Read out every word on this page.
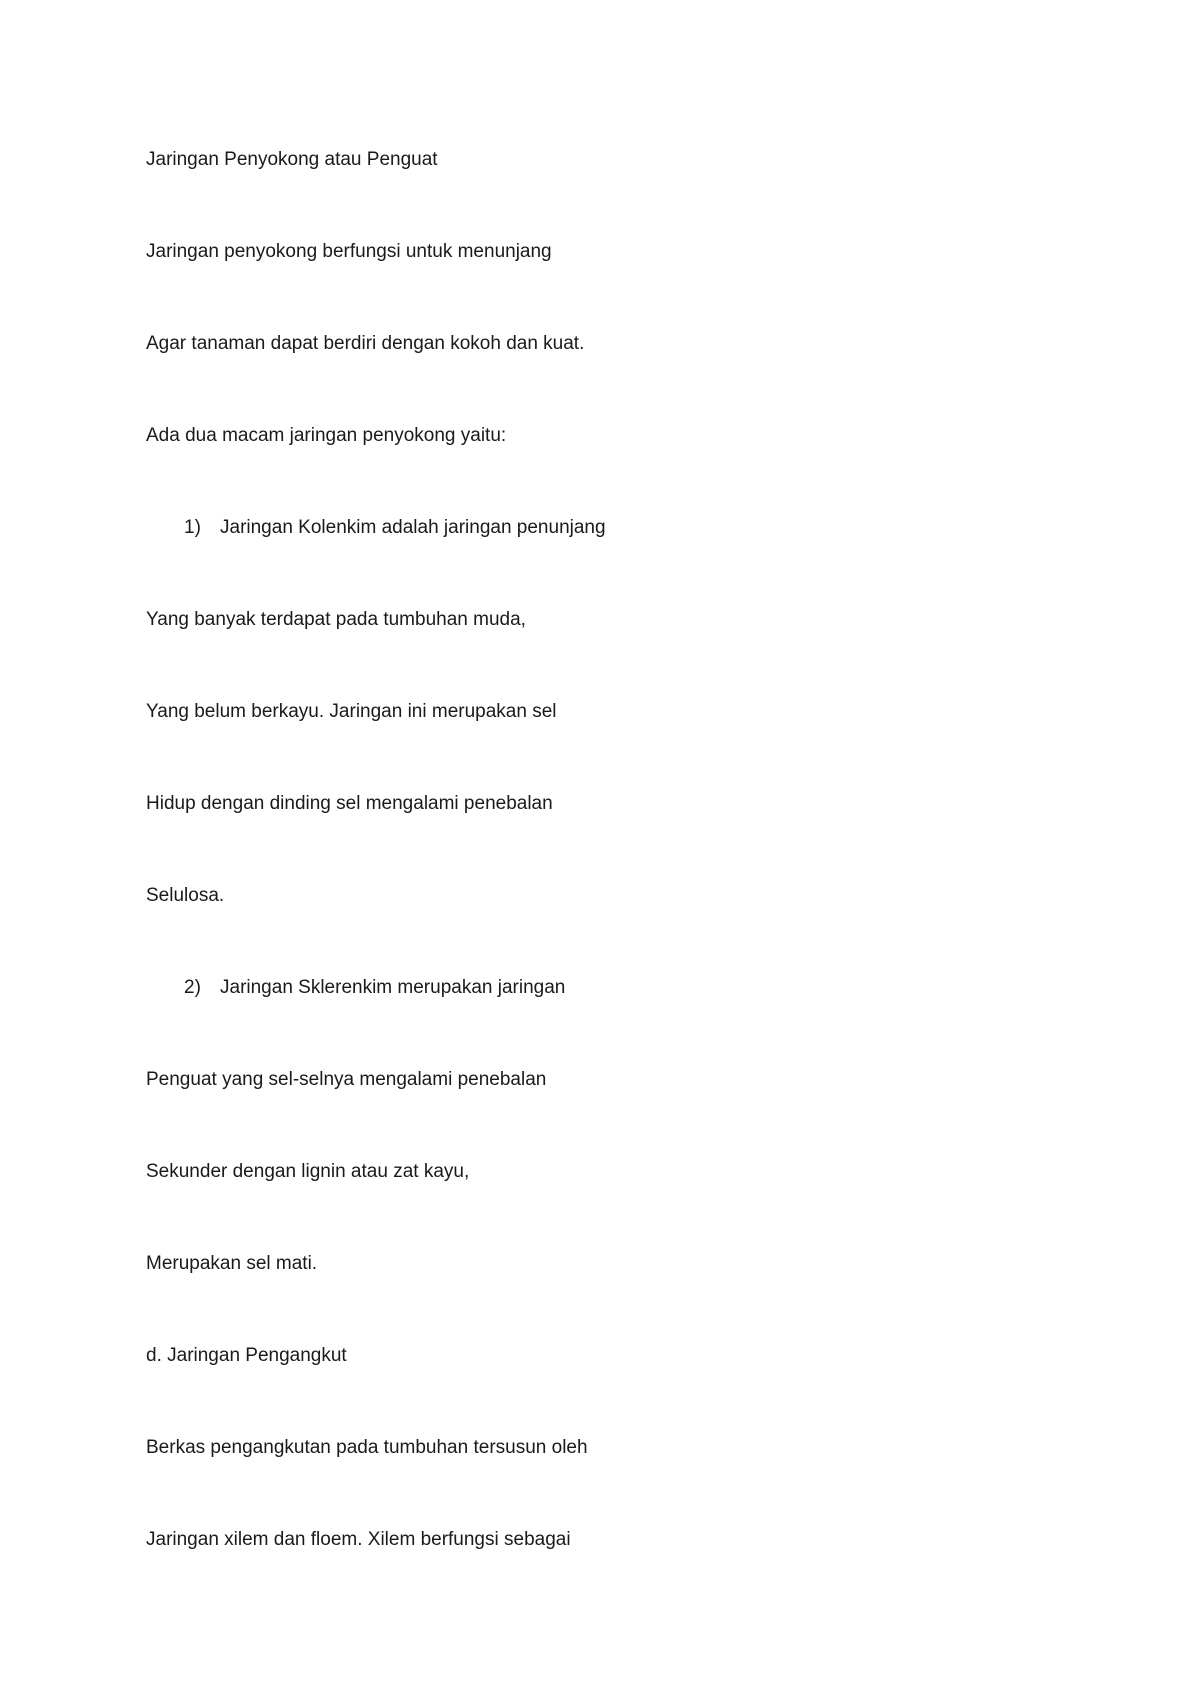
Jaringan Penyokong atau Penguat
Jaringan penyokong berfungsi untuk menunjang
Agar tanaman dapat berdiri dengan kokoh dan kuat.
Ada dua macam jaringan penyokong yaitu:
1) Jaringan Kolenkim adalah jaringan penunjang
Yang banyak terdapat pada tumbuhan muda,
Yang belum berkayu. Jaringan ini merupakan sel
Hidup dengan dinding sel mengalami penebalan
Selulosa.
2) Jaringan Sklerenkim merupakan jaringan
Penguat yang sel-selnya mengalami penebalan
Sekunder dengan lignin atau zat kayu,
Merupakan sel mati.
d. Jaringan Pengangkut
Berkas pengangkutan pada tumbuhan tersusun oleh
Jaringan xilem dan floem. Xilem berfungsi sebagai
